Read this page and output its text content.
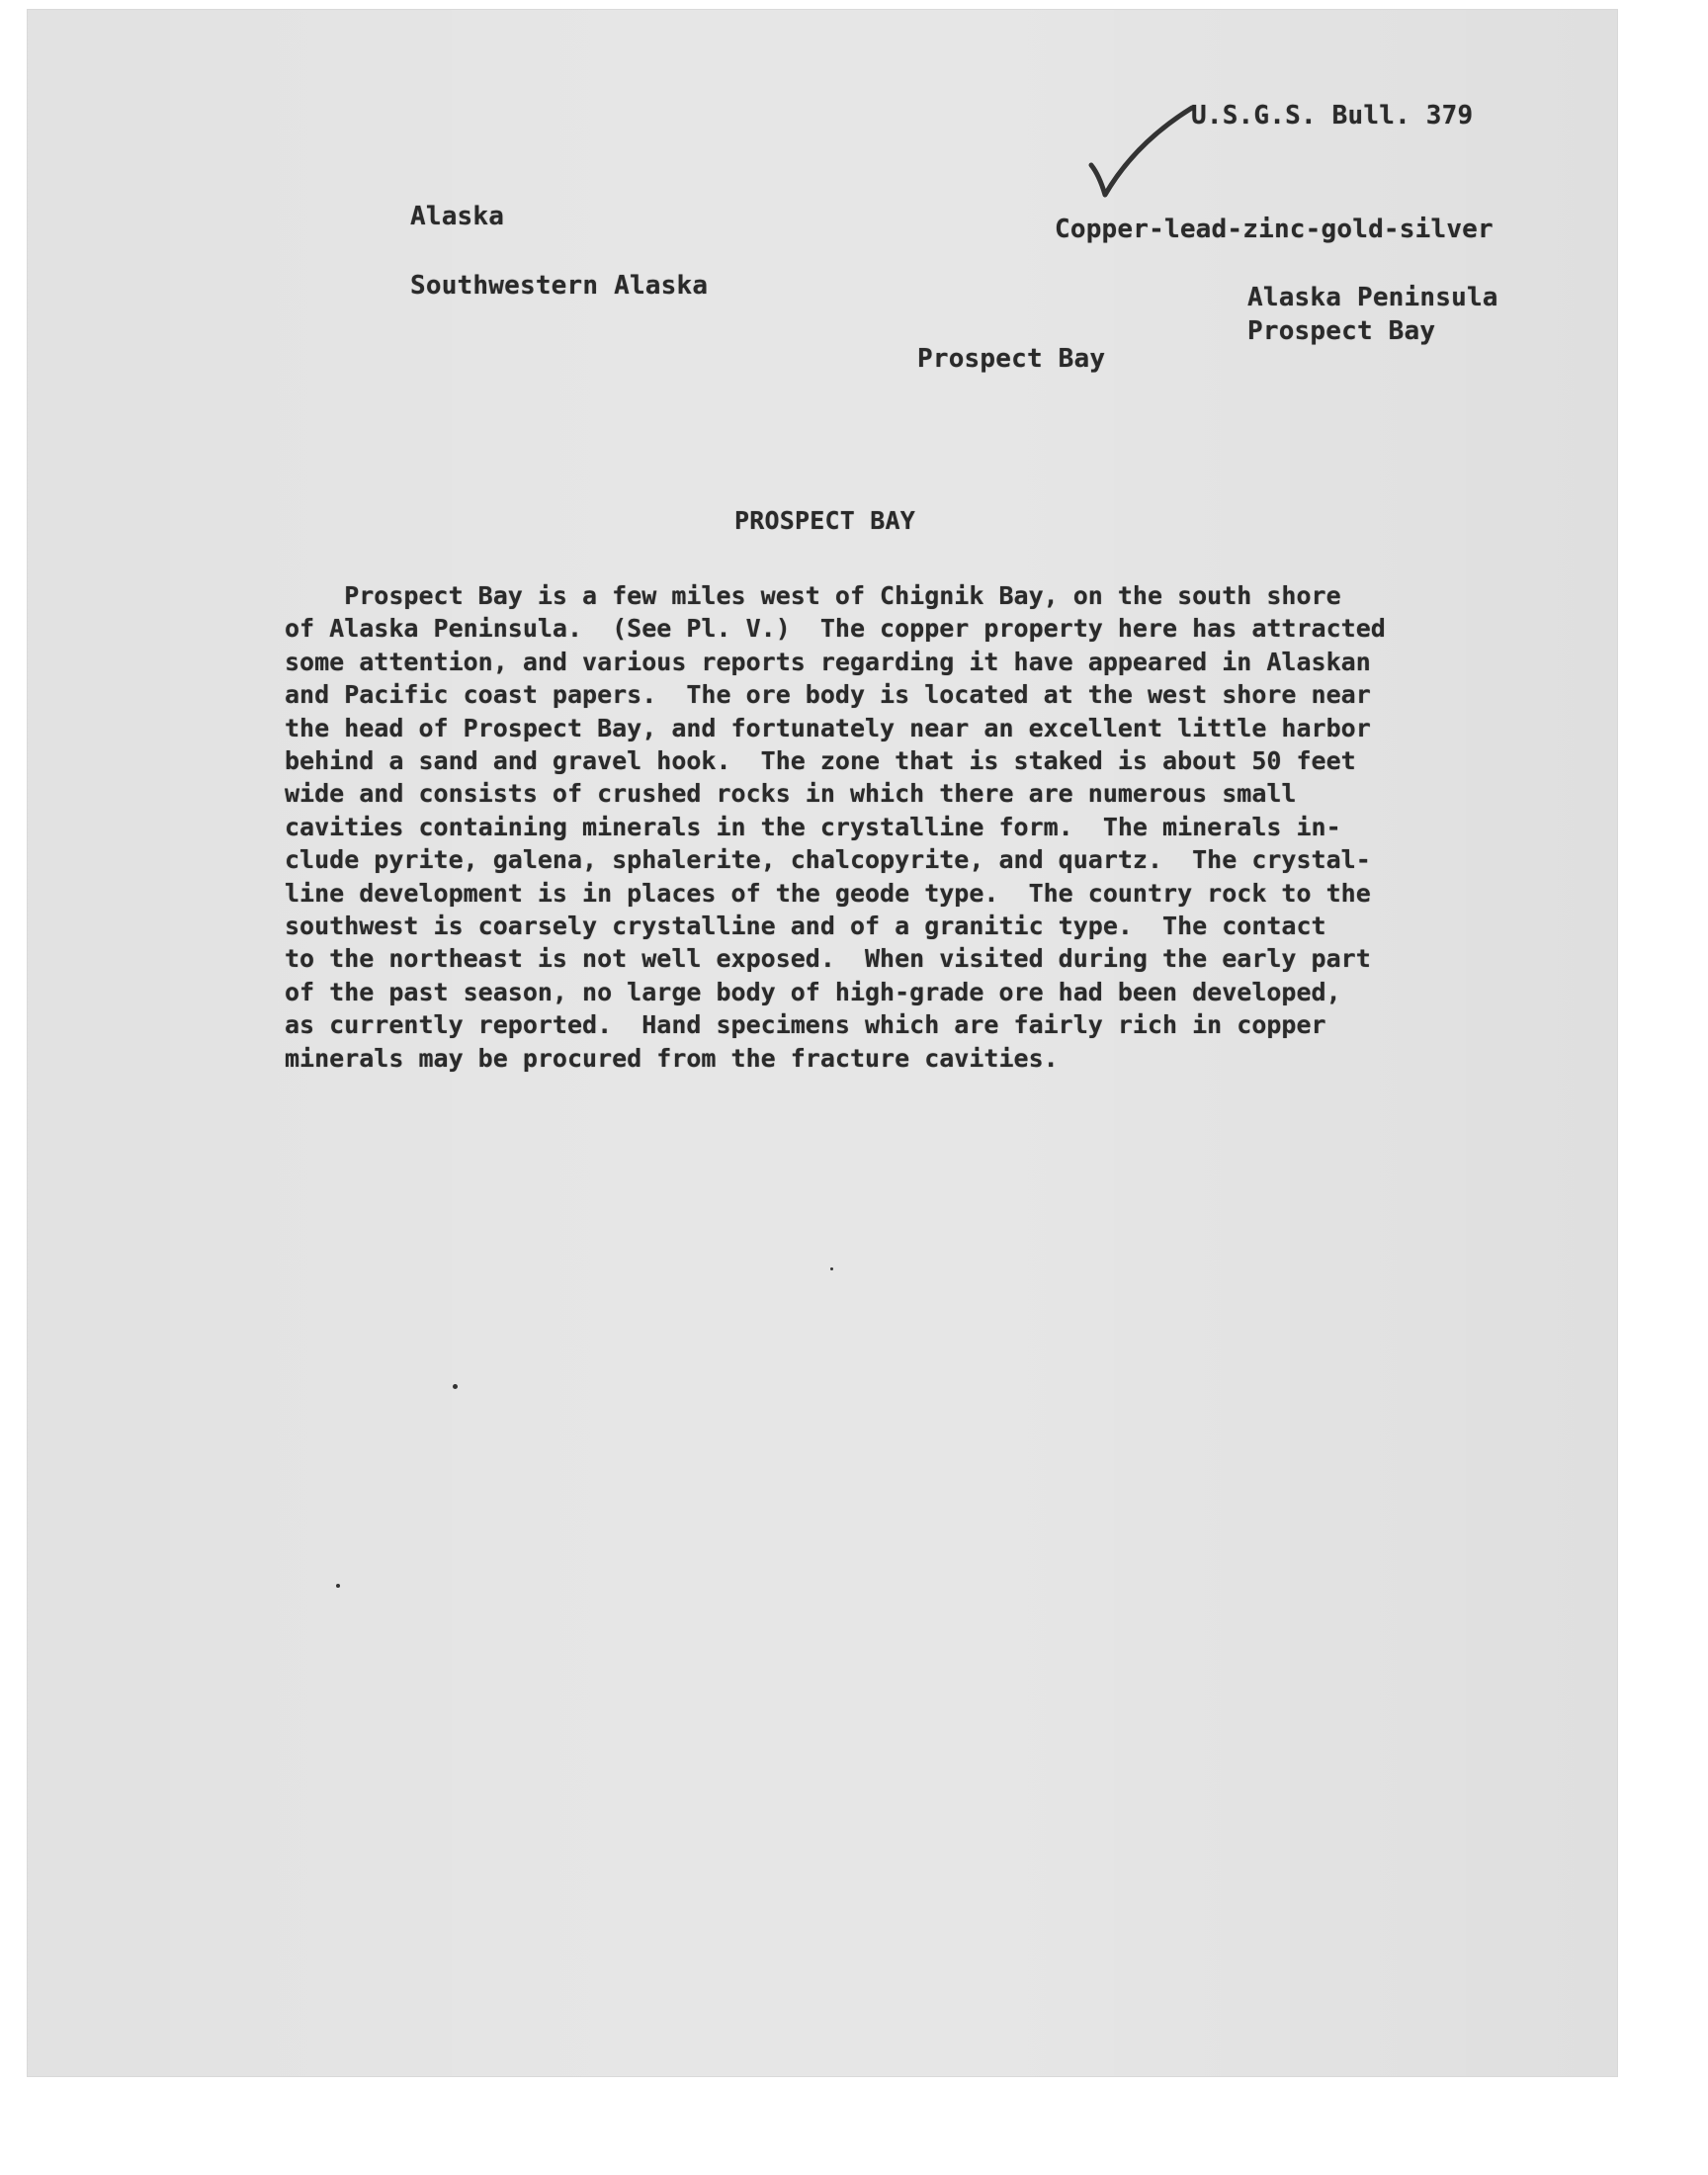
U.S.G.S. Bull. 379
Alaska	Copper-lead-zinc-gold-silver
Southwestern Alaska	Alaska Peninsula
Prospect Bay
Prospect Bay
PROSPECT BAY
Prospect Bay is a few miles west of Chignik Bay, on the south shore
of Alaska Peninsula.  (See Pl. V.)  The copper property here has attracted
some attention, and various reports regarding it have appeared in Alaskan
and Pacific coast papers.  The ore body is located at the west shore near
the head of Prospect Bay, and fortunately near an excellent little harbor
behind a sand and gravel hook.  The zone that is staked is about 50 feet
wide and consists of crushed rocks in which there are numerous small
cavities containing minerals in the crystalline form.  The minerals in-
clude pyrite, galena, sphalerite, chalcopyrite, and quartz.  The crystal-
line development is in places of the geode type.  The country rock to the
southwest is coarsely crystalline and of a granitic type.  The contact
to the northeast is not well exposed.  When visited during the early part
of the past season, no large body of high-grade ore had been developed,
as currently reported.  Hand specimens which are fairly rich in copper
minerals may be procured from the fracture cavities.
